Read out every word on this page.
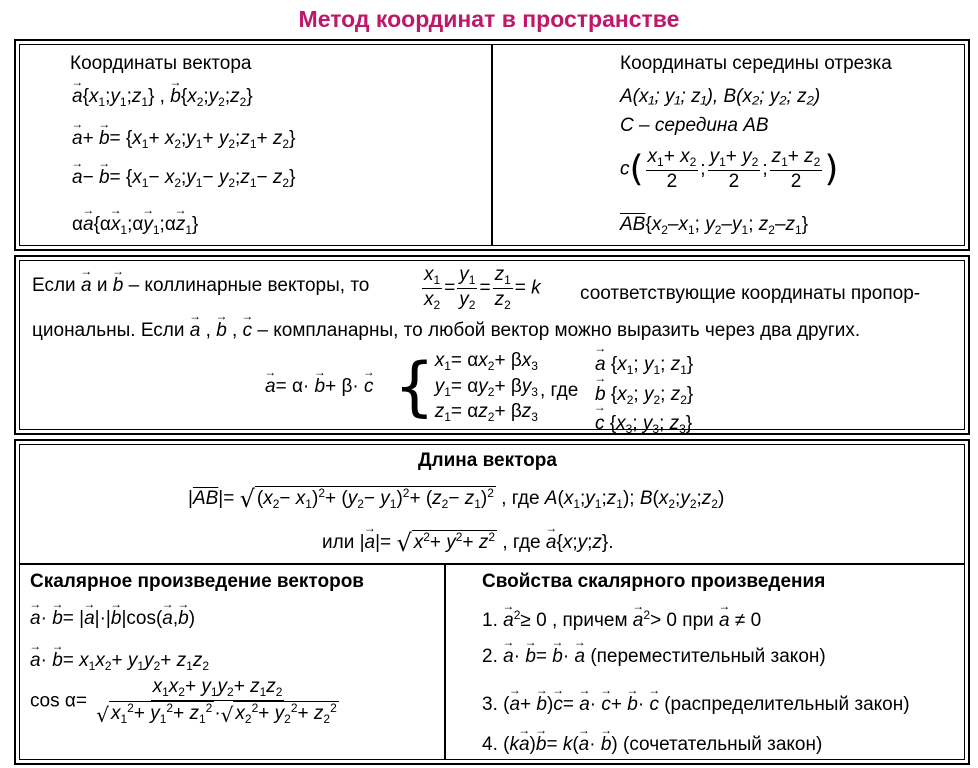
Метод координат в пространстве
Координаты вектора
→ $a\{x_1;y_1;z_1\}$ , → $b\{x_2;y_2;z_2\}$
→ $a+ \to b= \{x_1+$ $x_2;y_1+$ $y_2;z_1+ z_2$}
→ $a- \to b= \{x_1-$ $x_2;y_1-$ $y_2;z_1- z_2$}
$\alpha\to a\{\alpha\to x_1;\alpha\to$ $y_1;\alpha\to z_1$}
Координаты середины отрезка
A(x₁; y₁; z₁), B(x₂; y₂; z₂)
C – середина AB
$c( \frac{x_1+ x_2}{2}$ ; $\frac{y_1+ y_2}{2}$ ; $\frac{z_1+ z_2}{2}$ )
$\overline{AB}\{x_2-x_1$; $y_2-y_1$; $z_2-z_1$}
Если → a и → b – коллинарные векторы, то	$\frac{x_1}{x_2} = \frac{y_1}{y_2} = \frac{z_1}{z_2} = k$ соответствующие координаты пропор-
циональны. Если → a , → b , → c – компланарны, то любой вектор можно выразить через два других.
→ a= α· → b+ β· → c { $x_1= \alpha x_2+ \beta x_3$
$y_1= \alpha y_2+ \beta y_3$
$z_1= \alpha z_2+ \beta z_3$
, где
→ a {$x_1$; $y_1$; $z_1$}
→ b {$x_2$; $y_2$; $z_2$}
→ c {$x_3$; $y_3$; $z_3$}
Длина вектора
$|\overline{AB}|=$ √ $(x_2- x_1)^2+ (y_2- y_1)^2+ (z_2- z_1)^2$ , где $A(x_1;y_1;z_1)$; $B(x_2;y_2;z_2)$
или |→ a|= √ $x^2+ y^2+ z^2$ , где → a{x;y;z}.
Скалярное произведение векторов
→ a· → b= |→ a|·|→ b|cos(→ a,→ b)
→ $a\cdot \to b= x_1x_2+ y_1y_2+ z_1z_2$
$\cos \alpha= \frac{x_1x_2+ y_1y_2+ z_1z_2}{√ x_1^2+ y_1^2+ z_1^2 \cdot√ x_2^2+ y_2^2+ z_2^2}$
Свойства скалярного произведения
1. → $a^2\ge 0$ , причем → $a^2> 0$ при → a ≠ 0
2. → a· → b= → b· → a (переместительный закон)
3. (→ a+ → b)→ c= → a· → c+ → b· → c (распределительный закон)
4. (k→ a)→ b= k(→ a· → b) (сочетательный закон)
